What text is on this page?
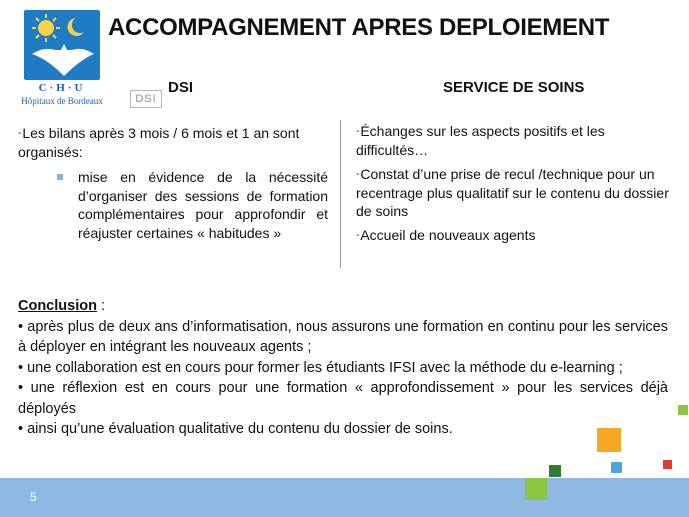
C·H·U
Hôpitaux de Bordeaux
ACCOMPAGNEMENT APRES DEPLOIEMENT
DSI
DSI	SERVICE DE SOINS
-Les bilans après 3 mois / 6 mois et 1 an sont organisés:
mise en évidence de la nécessité d’organiser des sessions de formation complémentaires pour approfondir et réajuster certaines « habitudes »

-Échanges sur les aspects positifs et les difficultés…

-Constat d’une prise de recul /technique pour un recentrage plus qualitatif sur le contenu du dossier de soins

-Accueil de nouveaux agents

Conclusion :

• après plus de deux ans d’informatisation, nous assurons une formation en continu pour les services à déployer en intégrant les nouveaux agents ;

• une collaboration est en cours pour former les étudiants IFSI avec la méthode du e-learning ;

• une réflexion est en cours pour une formation « approfondissement » pour les services déjà déployés

• ainsi qu’une évaluation qualitative du contenu du dossier de soins.

5
